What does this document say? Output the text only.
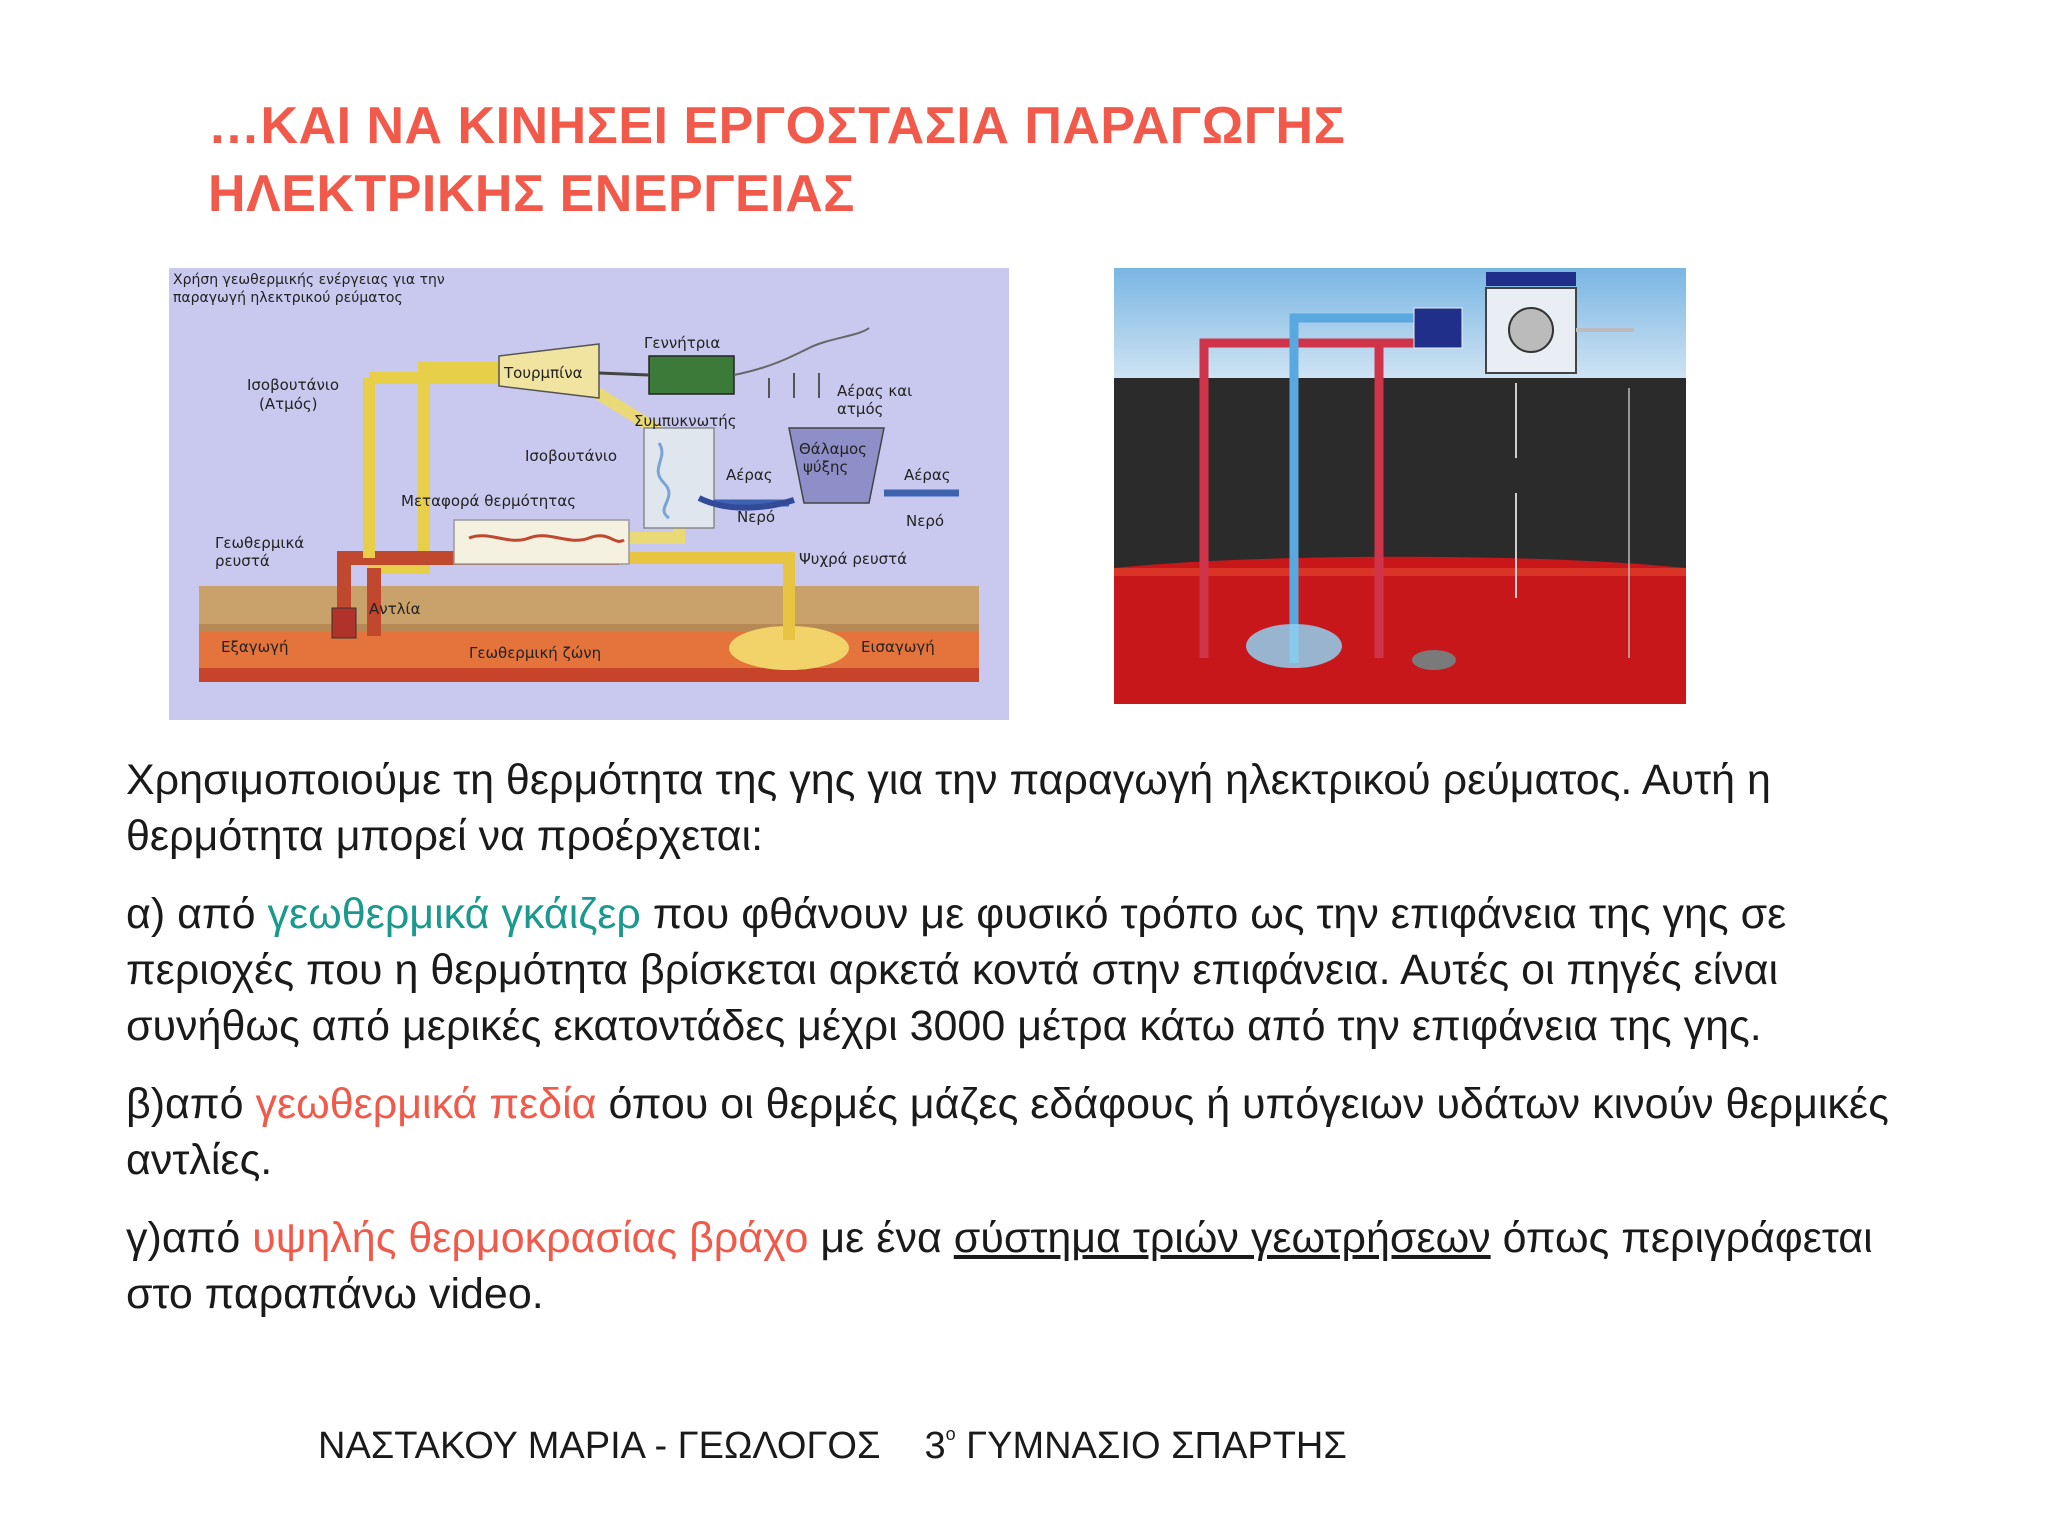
…ΚΑΙ ΝΑ ΚΙΝΗΣΕΙ ΕΡΓΟΣΤΑΣΙΑ ΠΑΡΑΓΩΓΗΣ
ΗΛΕΚΤΡΙΚΗΣ ΕΝΕΡΓΕΙΑΣ
Χρήση γεωθερμικής ενέργειας για την
παραγωγή ηλεκτρικού ρεύματος
Γεννήτρια
Τουρμπίνα
Ισοβουτάνιο
(Ατμός)
Αέρας και
ατμός
Συμπυκνωτής
Ισοβουτάνιο	Θάλαμος
ψύξης
Αέρας	Αέρας
Μεταφορά θερμότητας
Νερό	Νερό
Γεωθερμικά
ρευστά	Ψυχρά ρευστά
Αντλία
Εξαγωγή	Γεωθερμική ζώνη	Εισαγωγή

Χρησιμοποιούμε τη θερμότητα της γης για την παραγωγή ηλεκτρικού ρεύματος. Αυτή η θερμότητα μπορεί να προέρχεται:

α) από γεωθερμικά γκάιζερ που φθάνουν με φυσικό τρόπο ως την επιφάνεια της γης σε περιοχές που η θερμότητα βρίσκεται αρκετά κοντά στην επιφάνεια. Αυτές οι πηγές είναι συνήθως από μερικές εκατοντάδες μέχρι 3000 μέτρα κάτω από την επιφάνεια της γης.

β)από γεωθερμικά πεδία όπου οι θερμές μάζες εδάφους ή υπόγειων υδάτων κινούν θερμικές αντλίες.

γ)από υψηλής θερμοκρασίας βράχο με ένα σύστημα τριών γεωτρήσεων όπως περιγράφεται στο παραπάνω video.

ΝΑΣΤΑΚΟΥ ΜΑΡΙΑ - ΓΕΩΛΟΓΟΣ $3^o$ ΓΥΜΝΑΣΙΟ ΣΠΑΡΤΗΣ
